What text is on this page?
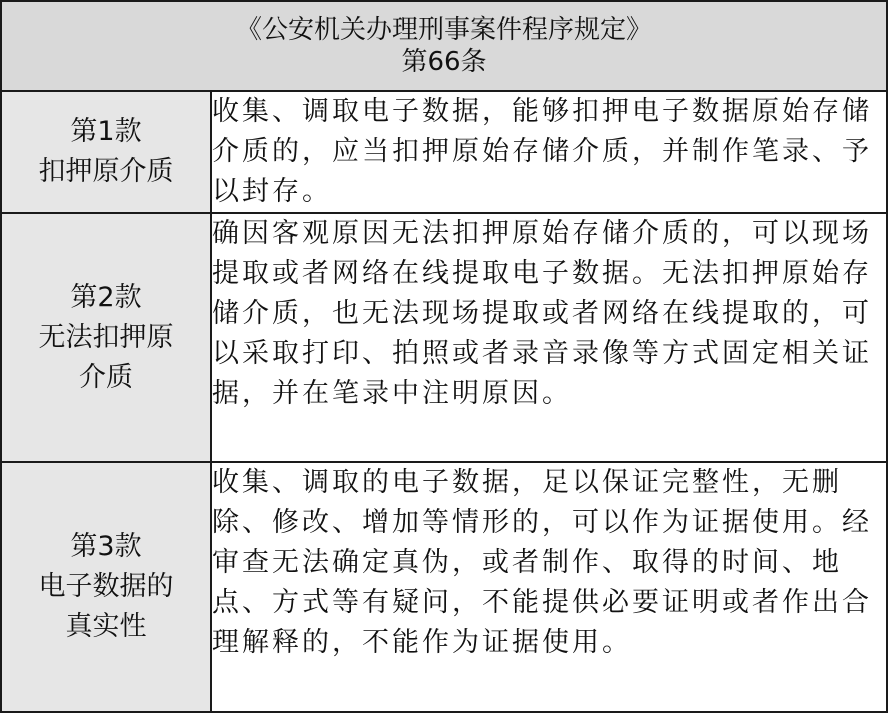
《公安机关办理刑事案件程序规定》
第66条	

第1款
扣押原介质	收集、调取电子数据，能够扣押电子数据原始存储介质的，应当扣押原始存储介质，并制作笔录、予以封存。

第2款
无法扣押原介质	确因客观原因无法扣押原始存储介质的，可以现场提取或者网络在线提取电子数据。无法扣押原始存储介质，也无法现场提取或者网络在线提取的，可以采取打印、拍照或者录音录像等方式固定相关证据，并在笔录中注明原因。

第3款
电子数据的真实性	收集、调取的电子数据，足以保证完整性，无删除、修改、增加等情形的，可以作为证据使用。经审查无法确定真伪，或者制作、取得的时间、地点、方式等有疑问，不能提供必要证明或者作出合理解释的，不能作为证据使用。
